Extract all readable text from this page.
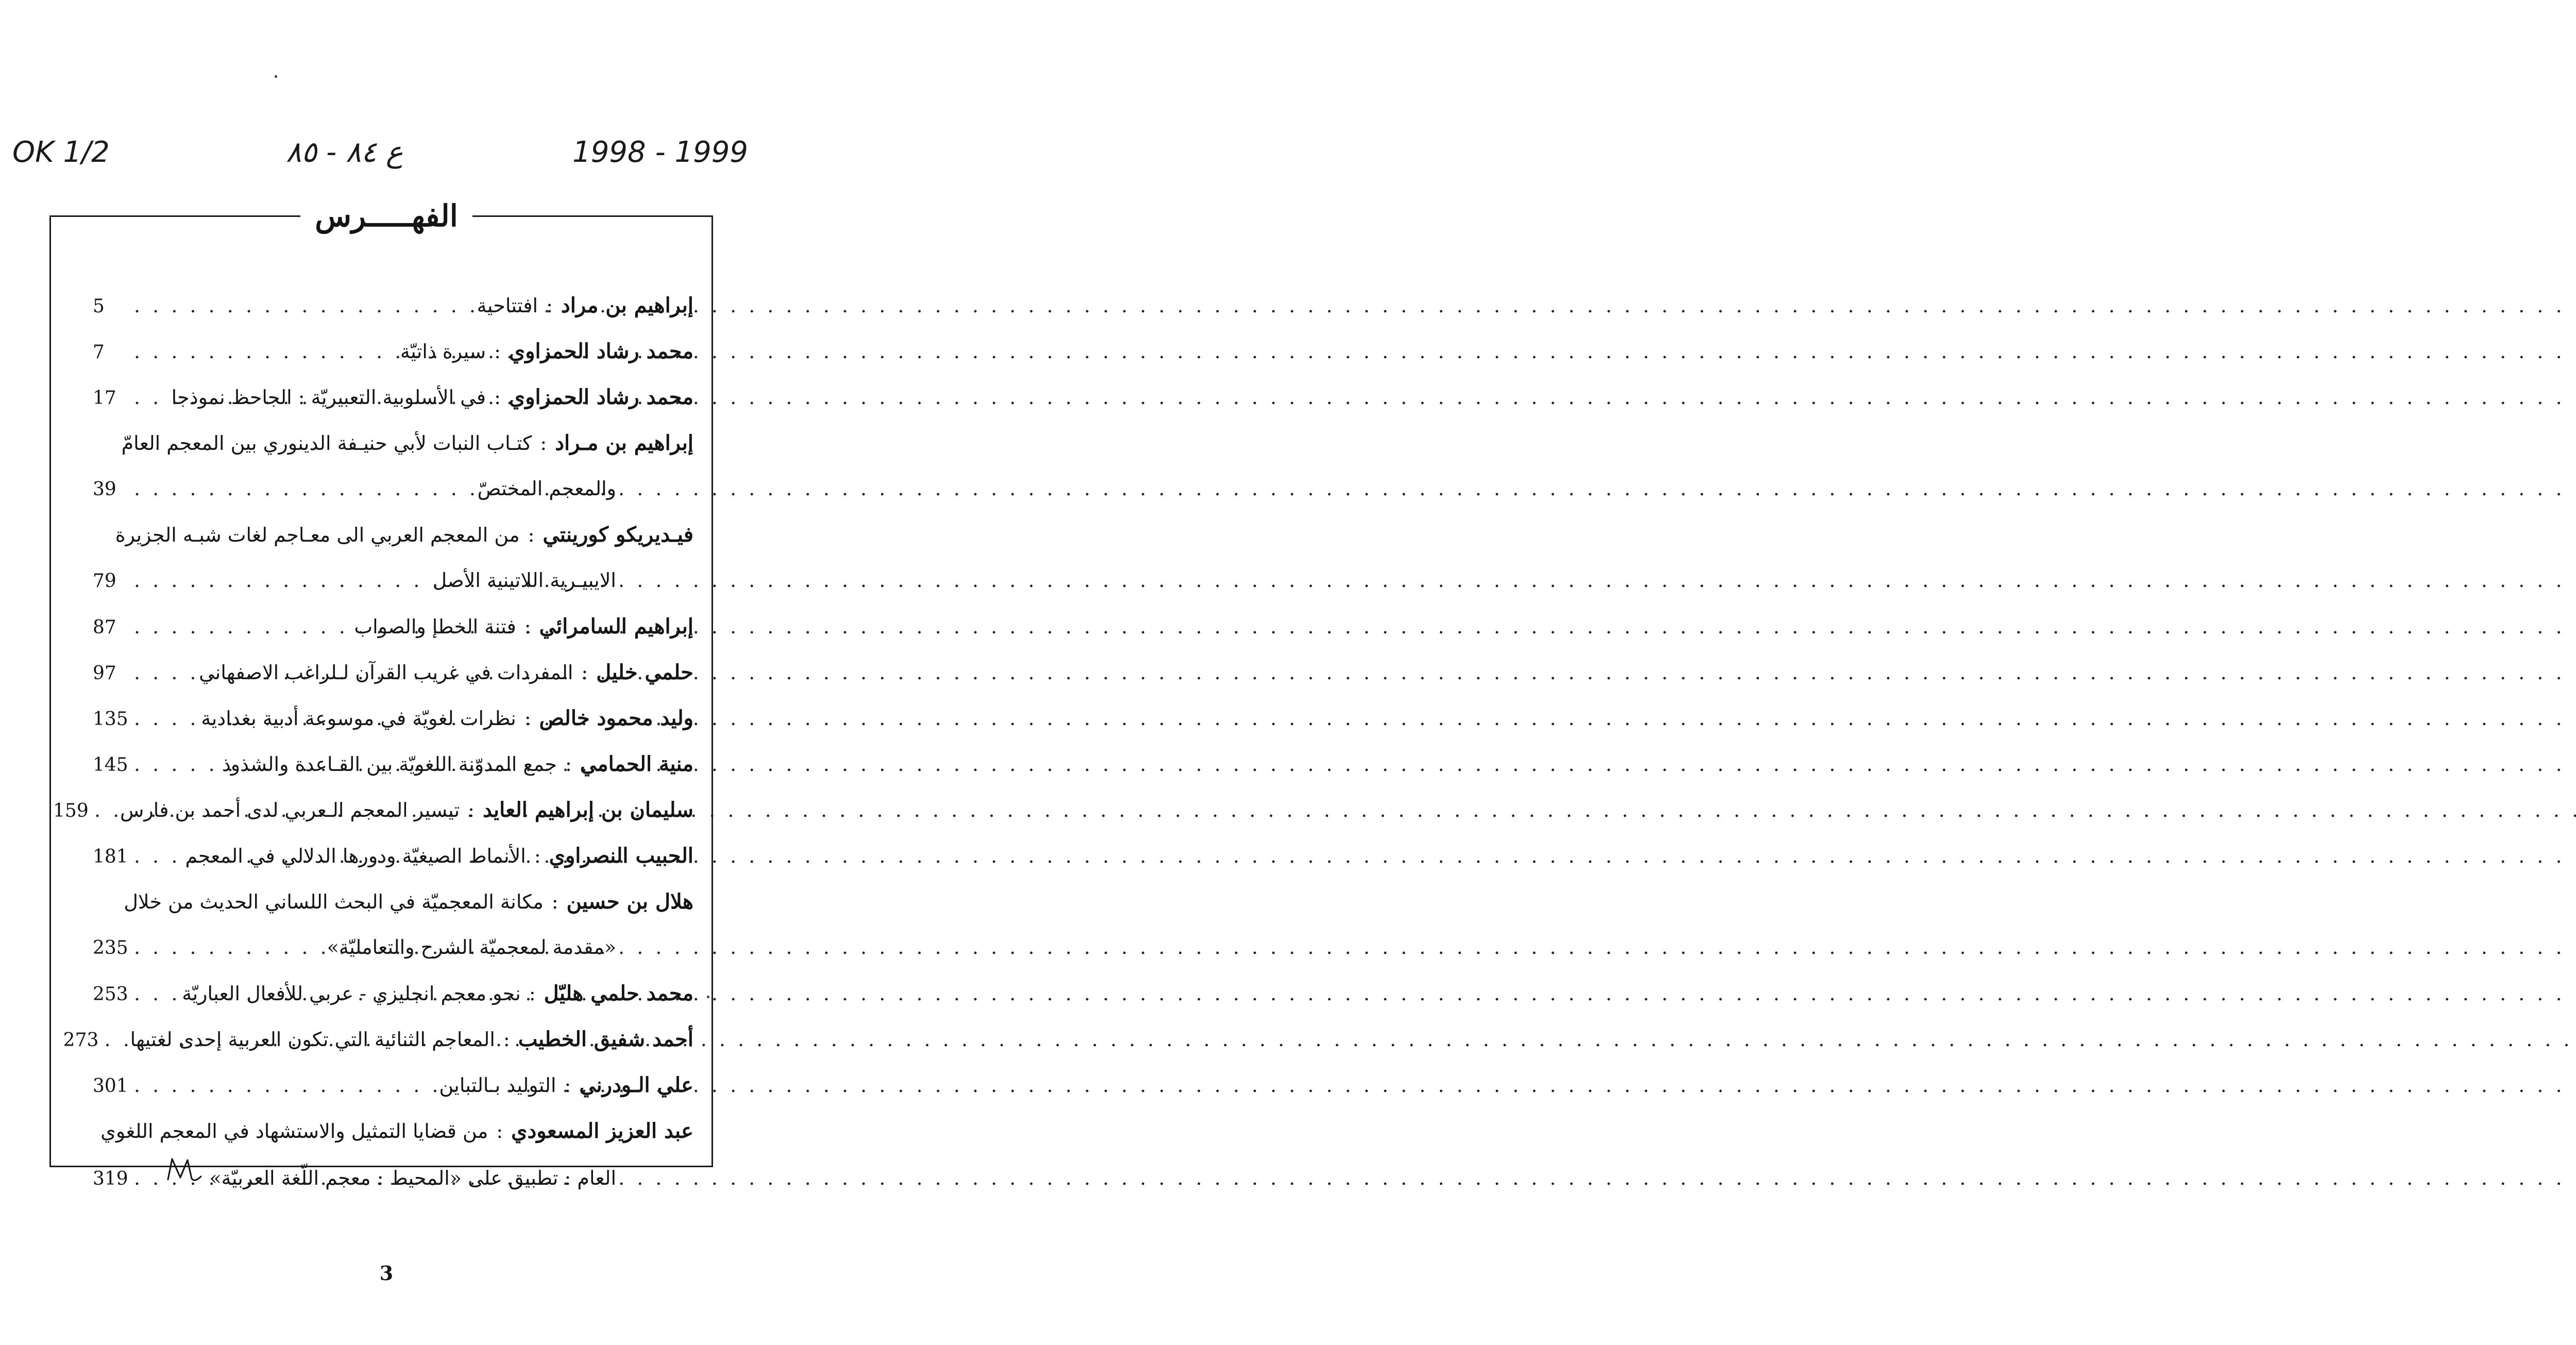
OK 1/2	ع ٨٤ - ٨٥	1998 - 1999
الفهـــــرس
إبراهيم بن مراد
:
افتتاحية
. . .
5
محمد رشاد الحمزاوي
:
سيرة ذاتيّة
. . .
7
محمد رشاد الحمزاوي
:
في الأسلوبية التعبيريّة : الجاحظ نموذجا
. . .
17
إبراهيم بن مـراد
:
كتـاب النبات لأبي حنيـفة الدينوري بين المعجم العامّ
والمعجم المختصّ
. . .
39
فيـديريكو كورينتي
:
من المعجم العربي الى معـاجم لغات شبـه الجزيرة
الايبيـرية اللاتينية الأصل
. . .
79
إبراهيم السامرائي
:
فتنة الخطإ والصواب
. . .
87
حلمي خليل
:
المفردات في غريب القرآن لـلراغب الاصفهاني
. . .
97
وليد محمود خالص
:
نظرات لغويّة في موسوعة أدبية بغدادية
. . .
135
منية الحمامي
:
جمع المدوّنة اللغويّة بين القـاعدة والشذوذ
. . .
145
سليمان بن إبراهيم العايد
:
تيسير المعجم الـعربي لدى أحمد بن فارس
. . .
159
الحبيب النصراوي
:
الأنماط الصيغيّة ودورها الدلالي في المعجم
. . .
181
هلال بن حسين
:
مكانة المعجميّة في البحث اللساني الحديث من خلال
«مقدمة لمعجميّة الشرح والتعامليّة»
. . .
235
محمد حلمي هليّل
:
نحو معجم انجليزي - عربي للأفعال العباريّة
. . .
253
أحمد شفيق الخطيب
:
المعاجم الثنائية التي تكون العربية إحدى لغتيها
. . .
273
علي الـودرني
:
التوليد بـالتباين
. . .
301
عبد العزيز المسعودي
:
من قضايا التمثيل والاستشهاد في المعجم اللغوي
العام : تطبيق على «المحيط : معجم اللّغة العربيّة»
. . .
319
3
